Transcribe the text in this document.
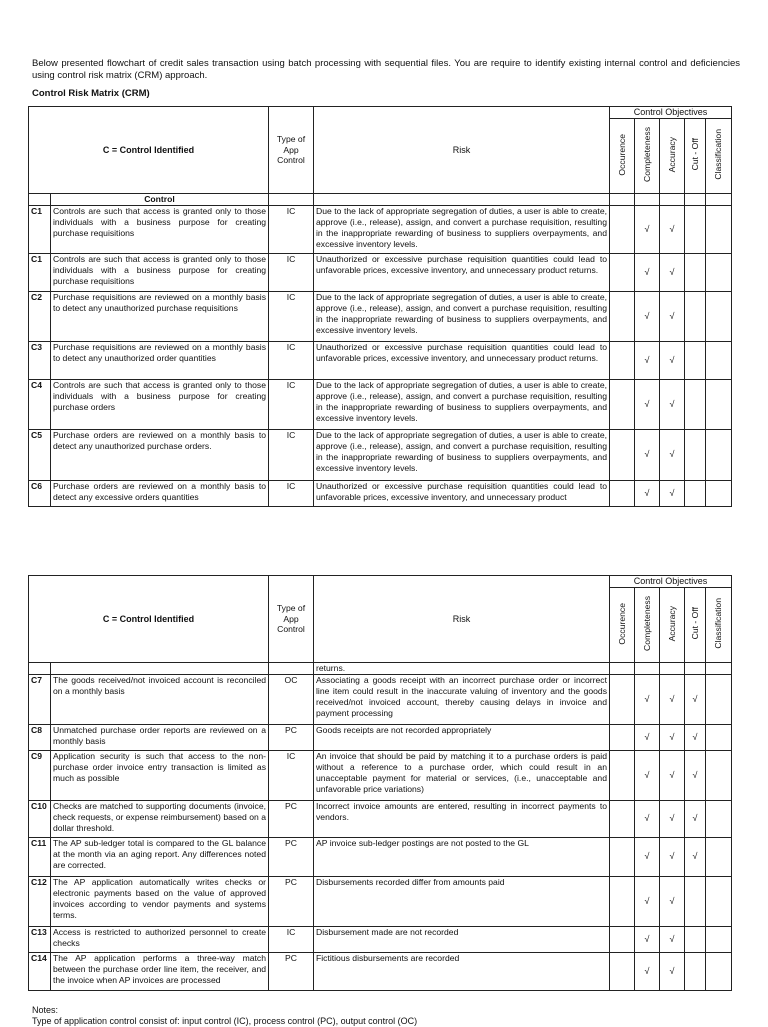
Below presented flowchart of credit sales transaction using batch processing with sequential files. You are require to identify existing internal control and deficiencies using control risk matrix (CRM) approach.
Control Risk Matrix (CRM)
C = Control Identified		Type of App Control	Risk	Control Objectives				
				Occurence	Completeness	Accuracy	Cut - Off	Classification
	Control							
C1	Controls are such that access is granted only to those individuals with a business purpose for creating purchase requisitions	IC	Due to the lack of appropriate segregation of duties, a user is able to create, approve (i.e., release), assign, and convert a purchase requisition, resulting in the inappropriate rewarding of business to suppliers overpayments, and excessive inventory levels.		√	√		
C1	Controls are such that access is granted only to those individuals with a business purpose for creating purchase requisitions	IC	Unauthorized or excessive purchase requisition quantities could lead to unfavorable prices, excessive inventory, and unnecessary product returns.		√	√		
C2	Purchase requisitions are reviewed on a monthly basis to detect any unauthorized purchase requisitions	IC	Due to the lack of appropriate segregation of duties, a user is able to create, approve (i.e., release), assign, and convert a purchase requisition, resulting in the inappropriate rewarding of business to suppliers overpayments, and excessive inventory levels.		√	√		
C3	Purchase requisitions are reviewed on a monthly basis to detect any unauthorized order quantities	IC	Unauthorized or excessive purchase requisition quantities could lead to unfavorable prices, excessive inventory, and unnecessary product returns.		√	√		
C4	Controls are such that access is granted only to those individuals with a business purpose for creating purchase orders	IC	Due to the lack of appropriate segregation of duties, a user is able to create, approve (i.e., release), assign, and convert a purchase requisition, resulting in the inappropriate rewarding of business to suppliers overpayments, and excessive inventory levels.		√	√		
C5	Purchase orders are reviewed on a monthly basis to detect any unauthorized purchase orders.	IC	Due to the lack of appropriate segregation of duties, a user is able to create, approve (i.e., release), assign, and convert a purchase requisition, resulting in the inappropriate rewarding of business to suppliers overpayments, and excessive inventory levels.		√	√		
C6	Purchase orders are reviewed on a monthly basis to detect any excessive orders quantities	IC	Unauthorized or excessive purchase requisition quantities could lead to unfavorable prices, excessive inventory, and unnecessary product		√	√		
C = Control Identified		Type of App Control	Risk	Control Objectives				
				Occurence	Completeness	Accuracy	Cut - Off	Classification
			returns.					
C7	The goods received/not invoiced account is reconciled on a monthly basis	OC	Associating a goods receipt with an incorrect purchase order or incorrect line item could result in the inaccurate valuing of inventory and the goods received/not invoiced account, thereby causing delays in invoice and payment processing		√	√	√	
C8	Unmatched purchase order reports are reviewed on a monthly basis	PC	Goods receipts are not recorded appropriately		√	√	√	
C9	Application security is such that access to the non-purchase order invoice entry transaction is limited as much as possible	IC	An invoice that should be paid by matching it to a purchase orders is paid without a reference to a purchase order, which could result in an unacceptable payment for material or services, (i.e., unacceptable and unfavorable price variations)		√	√	√	
C10	Checks are matched to supporting documents (invoice, check requests, or expense reimbursement) based on a dollar threshold.	PC	Incorrect invoice amounts are entered, resulting in incorrect payments to vendors.		√	√	√	
C11	The AP sub-ledger total is compared to the GL balance at the month via an aging report. Any differences noted are corrected.	PC	AP invoice sub-ledger postings are not posted to the GL		√	√	√	
C12	The AP application automatically writes checks or electronic payments based on the value of approved invoices according to vendor payments and systems terms.	PC	Disbursements recorded differ from amounts paid		√	√		
C13	Access is restricted to authorized personnel to create checks	IC	Disbursement made are not recorded		√	√		
C14	The AP application performs a three-way match between the purchase order line item, the receiver, and the invoice when AP invoices are processed	PC	Fictitious disbursements are recorded		√	√		
Notes:
Type of application control consist of: input control (IC), process control (PC), output control (OC)
